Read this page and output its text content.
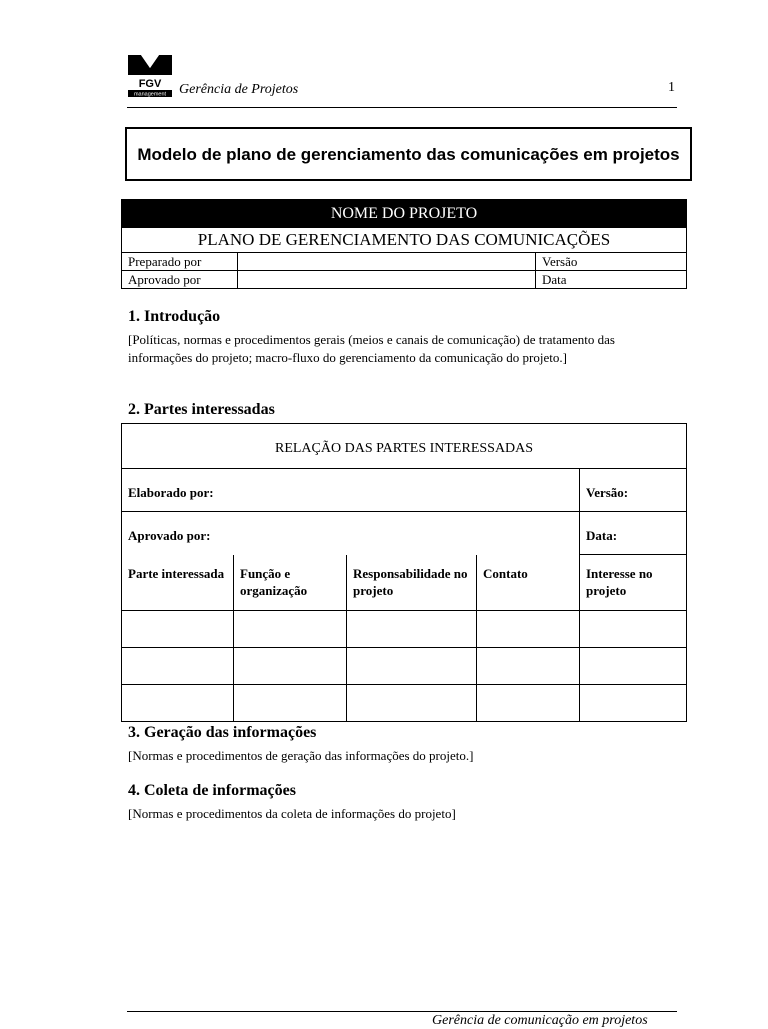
FGV
management Gerência de Projetos	1
Modelo de plano de gerenciamento das comunicações em projetos
NOME DO PROJETO		
PLANO DE GERENCIAMENTO DAS COMUNICAÇÕES		
Preparado por		Versão
Aprovado por		Data
1. Introdução

[Políticas, normas e procedimentos gerais (meios e canais de comunicação) de tratamento das informações do projeto; macro-fluxo do gerenciamento da comunicação do projeto.]

2. Partes interessadas
RELAÇÃO DAS PARTES INTERESSADAS				
Elaborado por:				Versão:
Aprovado por:				Data:
Parte interessada	Função e organização	Responsabilidade no projeto	Contato	Interesse no projeto

3. Geração das informações

[Normas e procedimentos de geração das informações do projeto.]

4. Coleta de informações

[Normas e procedimentos da coleta de informações do projeto]

Gerência de comunicação em projetos
